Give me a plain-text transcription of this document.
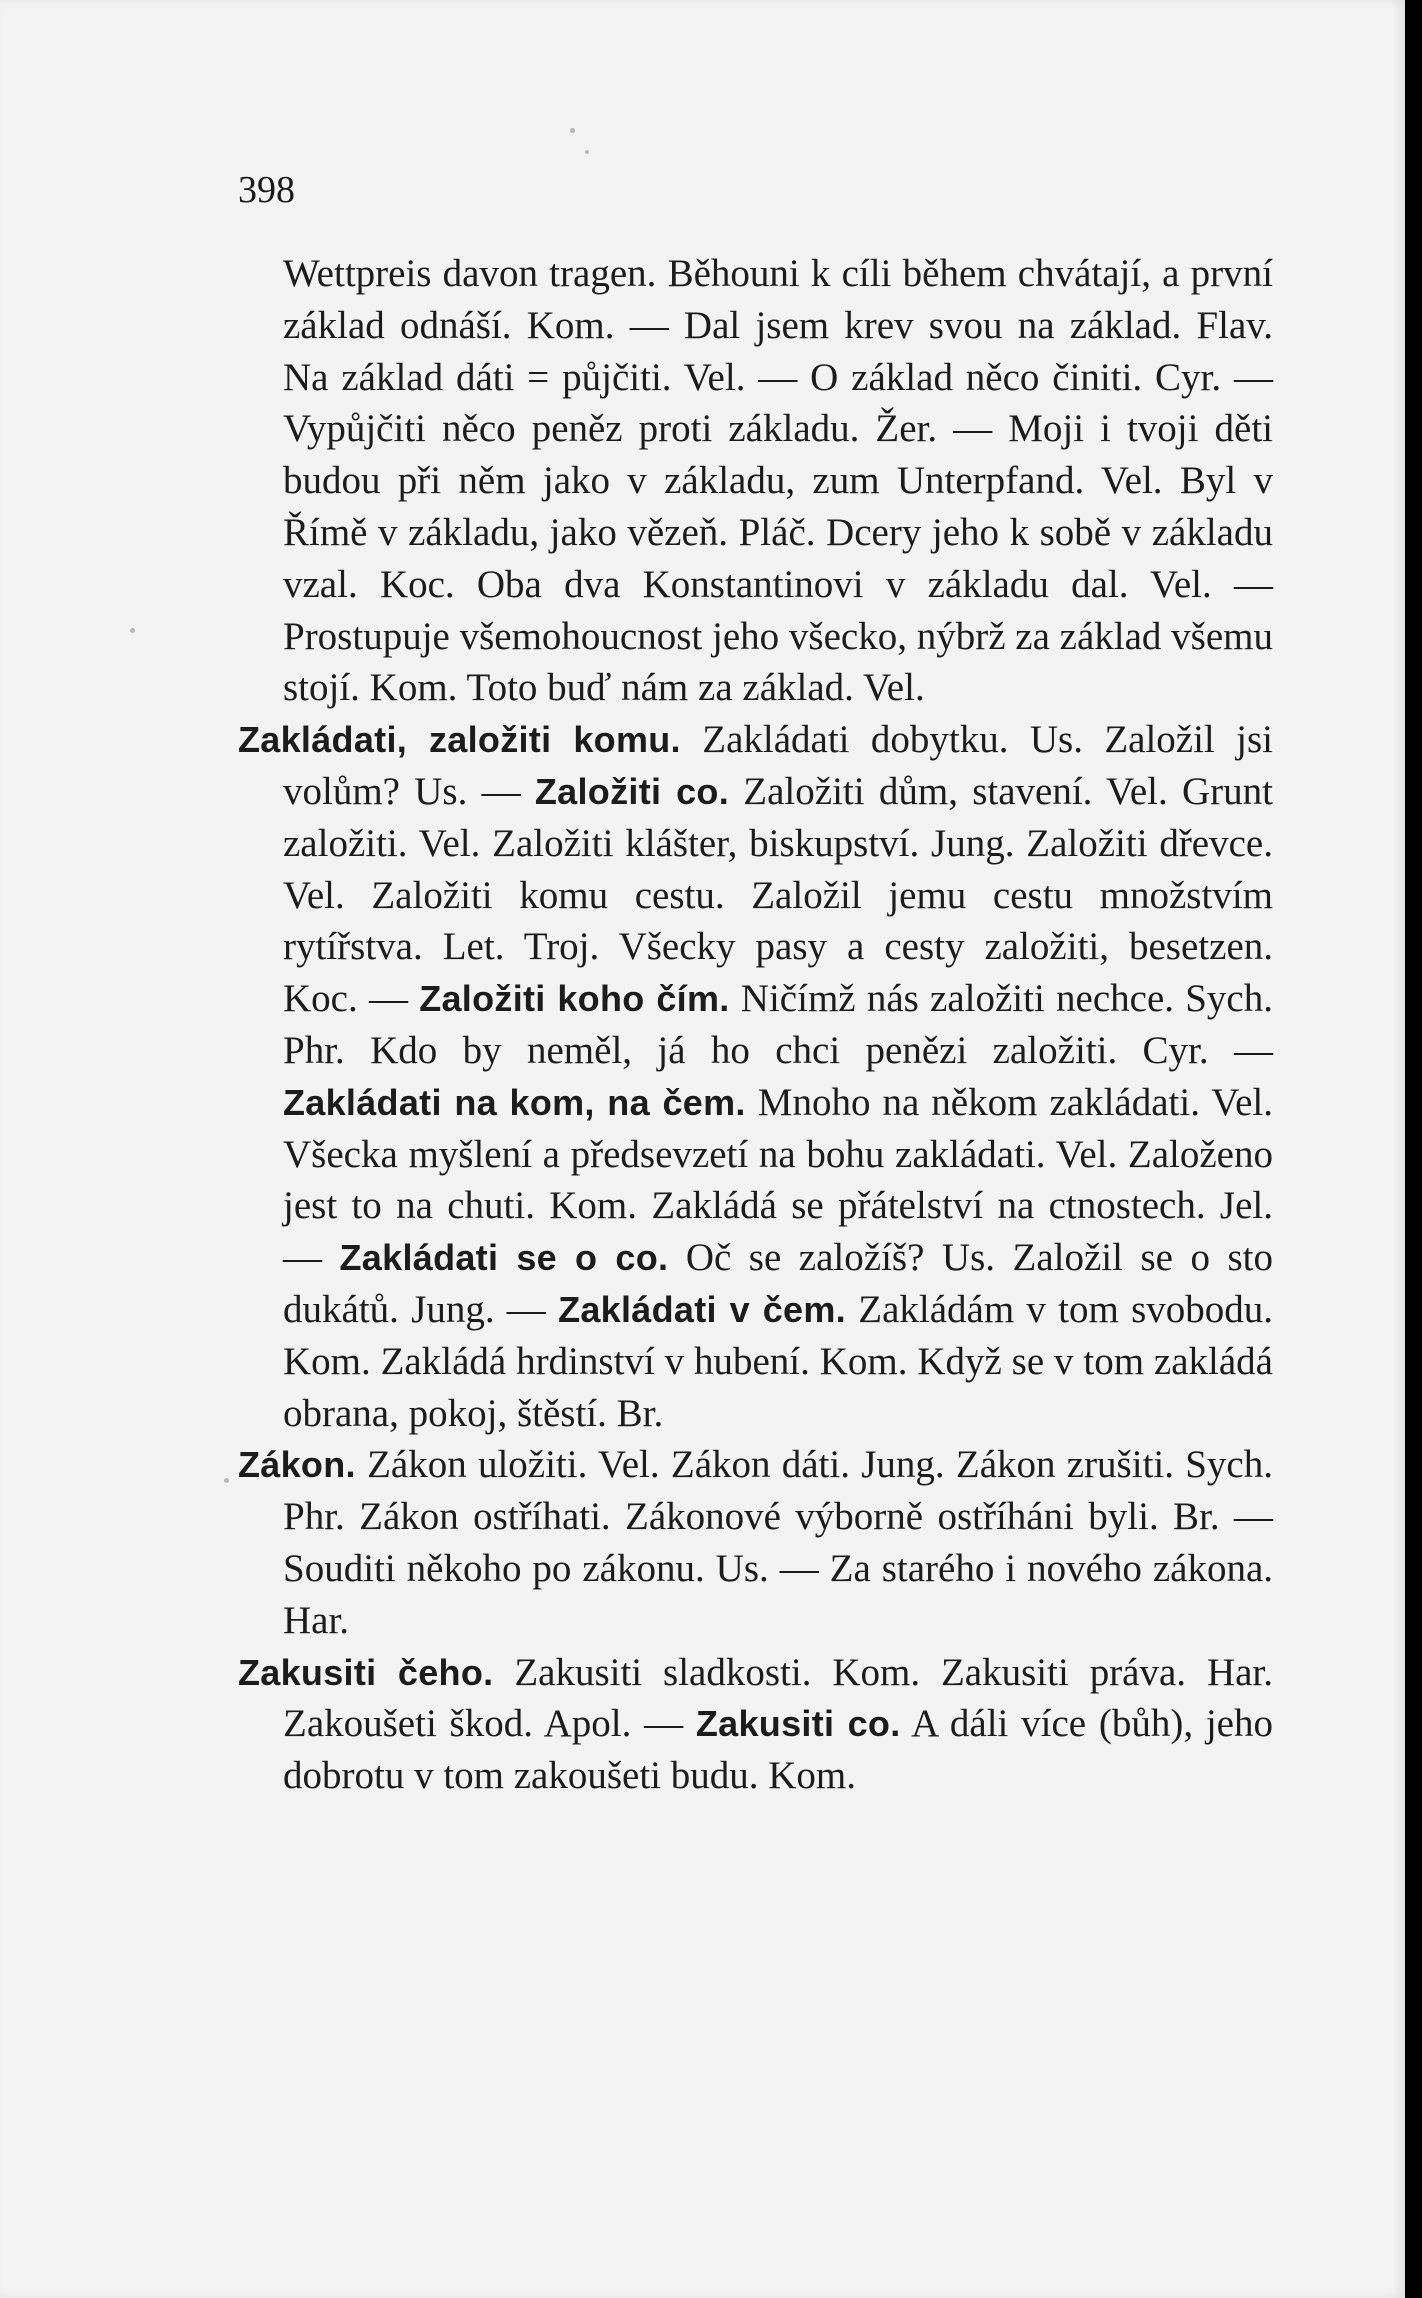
398

Wettpreis davon tragen. Běhouni k cíli během chvátají, a první základ odnáší. Kom. — Dal jsem krev svou na základ. Flav. Na základ dáti = půjčiti. Vel. — O základ něco činiti. Cyr. — Vypůjčiti něco peněz proti základu. Žer. — Moji i tvoji děti budou při něm jako v základu, zum Unterpfand. Vel. Byl v Římě v základu, jako vězeň. Pláč. Dcery jeho k sobě v základu vzal. Koc. Oba dva Konstantinovi v základu dal. Vel. — Prostupuje všemohoucnost jeho všecko, nýbrž za základ všemu stojí. Kom. Toto buď nám za základ. Vel.

Zakládati, založiti komu. Zakládati dobytku. Us. Založil jsi volům? Us. — Založiti co. Založiti dům, stavení. Vel. Grunt založiti. Vel. Založiti klášter, biskupství. Jung. Založiti dřevce. Vel. Založiti komu cestu. Založil jemu cestu množstvím rytířstva. Let. Troj. Všecky pasy a cesty založiti, besetzen. Koc. — Založiti koho čím. Ničímž nás založiti nechce. Sych. Phr. Kdo by neměl, já ho chci penězi založiti. Cyr. — Zakládati na kom, na čem. Mnoho na někom zakládati. Vel. Všecka myšlení a předsevzetí na bohu zakládati. Vel. Založeno jest to na chuti. Kom. Zakládá se přátelství na ctnostech. Jel. — Zakládati se o co. Oč se založíš? Us. Založil se o sto dukátů. Jung. — Zakládati v čem. Zakládám v tom svobodu. Kom. Zakládá hrdinství v hubení. Kom. Když se v tom zakládá obrana, pokoj, štěstí. Br.

Zákon. Zákon uložiti. Vel. Zákon dáti. Jung. Zákon zrušiti. Sych. Phr. Zákon ostříhati. Zákonové výborně ostříháni byli. Br. — Souditi někoho po zákonu. Us. — Za starého i nového zákona. Har.

Zakusiti čeho. Zakusiti sladkosti. Kom. Zakusiti práva. Har. Zakoušeti škod. Apol. — Zakusiti co. A dáli více (bůh), jeho dobrotu v tom zakoušeti budu. Kom.
